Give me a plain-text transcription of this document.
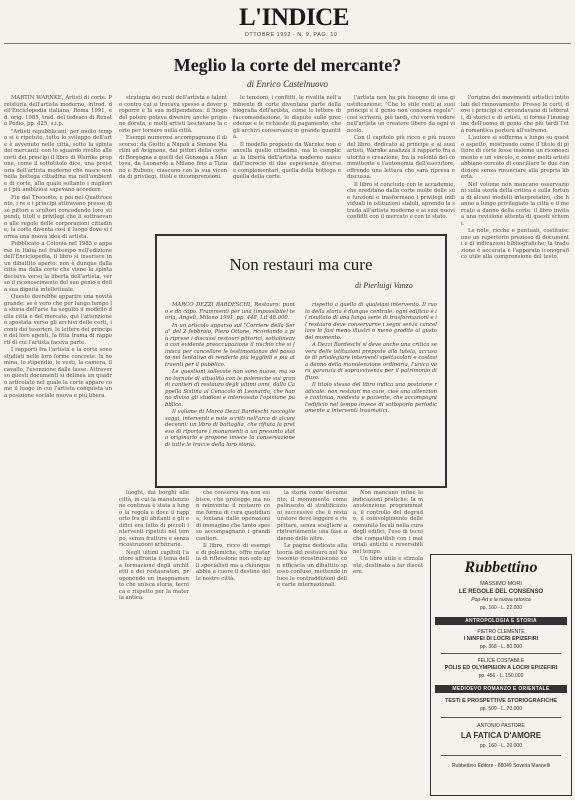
L'INDICE
OTTOBRE 1992 - N. 9, PAG. 10
Meglio la corte del mercante?
di Enrico Castelnuovo

MARTIN WARNKE, Artisti di corte. Preistoria dell'artista moderno, introd. dell'Enciclopedia italiana, Roma 1991, ed. orig. 1985, trad. del tedesco di Renato Pedio, pp. 425, s.i.p.

"Artisti repubblicani, per molto tempo si è ripetuto, tutto lo sviluppo dell'arte è avvenuto nelle città, sotto la spinta dei mercanti: con lo sguardo rivolto alle corti dei principi il libro di Warnke propone, come il sottotitolo dice, una preistoria dell'artista moderno che nasce non nella bottega cittadina ma nell'ambiente di corte, alla quale soltanto i migliori e i più ambiziosi sapevano accedere.

Fin dal Trecento, e poi nel Quattrocento, i re e i principi attiravano presso di sé pittori e scultori concedendo loro stipendi, titoli e privilegi che li sottraevano alle regole delle corporazioni cittadine; la corte diventa così il luogo dove si forma una nuova idea di artista.

Pubblicato a Colonia nel 1985 e apparso in Italia nel frattempo nell'edizione dell'Enciclopedia, il libro si inserisce in un dibattito aperto: non è dunque dalla città ma dalla corte che viene la spinta decisiva verso la libertà dell'artista, verso il riconoscimento del suo genio e della sua dignità intellettuale.

Questo dovrebbe apparire una novità grande: se è vero che per lungo tempo la storia dell'arte ha seguito il modello della città e del mercato, qui l'attenzione è spostata verso gli archivi delle corti, i conti dei tesorieri, le lettere dei principi e dei loro agenti, la fitta trama di rapporti di cui l'artista faceva parte.

I rapporti fra l'artista e la corte sono studiati nelle loro forme concrete: la nomina, lo stipendio, le vesti, la camera, il cavallo, l'esenzione dalle tasse. Attraverso questi documenti si delinea un quadro articolato nel quale la corte appare come il luogo in cui l'artista conquista una posizione sociale nuova e più libera.

strategia dei ruoli dell'artista e talento contro cui si trovava spesso a dover proporre e la sua indipendenza: il luogo del potere poteva divenire anche prigione dorata, e molti artisti lasciavano la corte per tornare nella città.

Esempi numerosi accompagnano il discorso: da Giotto a Napoli a Simone Martini ad Avignone, dai pittori della corte di Borgogna a quelli dei Gonzaga a Mantova, da Leonardo a Milano fino a Tiziano e Rubens, ciascuno con la sua vicenda di privilegi, titoli e incomprensioni.

le tensioni, i conflitti, le rivalità nell'ambiente di corte diventano parte della biografia dell'artista, come le lettere di raccomandazione, le dispute sulle precedenze e le richieste di pagamento, che gli archivi conservano in grande quantità.

Il modello proposto da Warnke non cancella quello cittadino, ma lo complica: la libertà dell'artista moderno nasce dall'incrocio di due esperienze diverse e complementari, quella della bottega e quella della corte.

l'artista non ha più bisogno di una giustificazione: "Che lo stile resti ai suoi principi e il genio non conosca regole": così scriverà, più tardi, chi vorrà vedere nell'artista un creatore libero da ogni vincolo.

Con il capitolo più ricco e più nuovo del libro, dedicato al principe e ai suoi artisti, Warnke analizza il rapporto fra autorità e creazione, fra la volontà del committente e l'autonomia dell'esecutore, offrendo una lettura che sarà ripresa e discussa.

Il libro si conclude con le accademie, che ereditano dalla corte molte delle sue funzioni e trasformano i privilegi individuali in istituzioni stabili, aprendo la strada all'artista moderno e ai suoi nuovi conflitti con il mercato e con lo stato.

l'origine dei movimenti artistici intitolati del rinnovamento. Presso le corti, dove i principi si circondavano di letterati, di storici e di artisti, si forma l'immagine dell'uomo di genio che più tardi l'età romantica porterà all'estremo.

L'autore si sofferma a lungo su questo aspetto, mostrando come il titolo di pittore di corte fosse insieme un riconoscimento e un vincolo, e come molti artisti abbiano cercato di conciliare le due condizioni senza rinunciare alla propria libertà.

Nel volume non mancano osservazioni sulla storia della critica e sulla fortuna di alcuni modelli interpretativi, che hanno a lungo privilegiato la città e il mercato a danno della corte: il libro invita a una revisione attenta di questi schemi.

Le note, ricche e puntuali, costituiscono un repertorio prezioso di documenti e di indicazioni bibliografiche; la traduzione è accurata e l'apparato iconografico utile alla comprensione del testo.

Non restauri ma cure
di Pierluigi Vanzo

MARCO DEZZI BARDESCHI, Restauro: punto e da capo. Frammenti per una (impossibile) teoria, Angeli, Milano 1991, pp. 448, Lit 48.000.

In un articolo apparso sul "Corriere della Sera" del 2 febbraio, Piero Ottone, ricordando a più riprese i discussi restauri pittorici, sottolineava con evidente preoccupazione il rischio che si finisca per cancellare le testimonianze del passato nel tentativo di renderle più leggibili e più attraenti per il pubblico.

Le questioni sollevate non sono nuove, ma sono tornate di attualità con le polemiche sui grandi cantieri di restauro degli ultimi anni, dalla Cappella Sistina al Cenacolo di Leonardo, che hanno diviso gli studiosi e interessato l'opinione pubblica.

Il volume di Marco Dezzi Bardeschi raccoglie saggi, interventi e note scritti nell'arco di alcuni decenni: un libro di battaglia, che rifiuta la pretesa di riportare i monumenti a un presunto stato originario e propone invece la conservazione di tutte le tracce della loro storia.

rispetto a quello di qualsiasi intervento. Il ruolo della storia è dunque centrale: ogni edificio è il risultato di una lunga serie di trasformazioni e il restauro deve conservarne i segni senza cancellare le fasi meno illustri o meno gradite al gusto del momento.

A Dezzi Bardeschi si deve anche una critica severa delle istituzioni preposte alla tutela, accusate di privilegiare interventi spettacolari e costosi a danno della manutenzione ordinaria, l'unica vera garanzia di sopravvivenza per il patrimonio diffuso.

Il titolo stesso del libro indica una posizione radicale: non restauri ma cure, cioè una attenzione continua, modesta e paziente, che accompagni l'edificio nel tempo invece di sottoporlo periodicamente a interventi traumatici.

luoghi, dai borghi alle città, in cui la manutenzione continua è stata a lungo la regola e dove il rapporto fra gli abitanti e gli edifici era fatto di piccoli interventi ripetuti nel tempo, senza fratture e senza ricostruzioni arbitrarie.

Negli ultimi capitoli l'autore affronta il tema della formazione degli architetti e dei restauratori, proponendo un insegnamento che unisca storia, tecnica e rispetto per la materia antica.

che conserva ma non esibisce, che protegge ma non reinventa: il restauro come forma di cura quotidiana, lontana dalle operazioni di immagine che tanto spesso accompagnano i grandi cantieri.

Il libro, ricco di esempi e di polemiche, offre materia di riflessione non solo agli specialisti ma a chiunque abbia a cuore il destino delle nostre città.

la storia come documento; il monumento come palinsesto di stratificazioni successive che il restauratore deve leggere e rispettare, senza scegliere arbitrariamente una fase a danno delle altre.

Le pagine dedicate alla teoria del restauro nel Novecento ricostruiscono con efficacia un dibattito spesso confuso, mettendo in luce le contraddizioni delle carte internazionali.

Non mancano infine le indicazioni pratiche: la manutenzione programmata, il controllo del degrado, il coinvolgimento delle comunità locali nella cura degli edifici, l'uso di tecniche compatibili con i materiali antichi e reversibili nel tempo.

Un libro utile e stimolante, destinato a far discutere.	Rubbettino
MASSIMO MORI
LE REGOLE DEL CONSENSO
Pop-Art e la nuova retorica
pp. 160 - L. 22.000
ANTROPOLOGIA E STORIA
PIETRO CLEMENTE
I NINFEI DI LOCRI EPIZEFIRI
pp. 368 - L. 80.000
FELICE COSTABILE
POLIS ED OLYMPIEION A LOCRI EPIZEFIRI
pp. 456 - L. 150.000
MEDIOEVO ROMANZO E ORIENTALE
TESTI E PROSPETTIVE STORIOGRAFICHE
pp. 500 - L. 70.000
ANTONIO PASTORE
LA FATICA D'AMORE
pp. 160 - L. 20.000
Rubbettino Editore - 88049 Soveria Mannelli
